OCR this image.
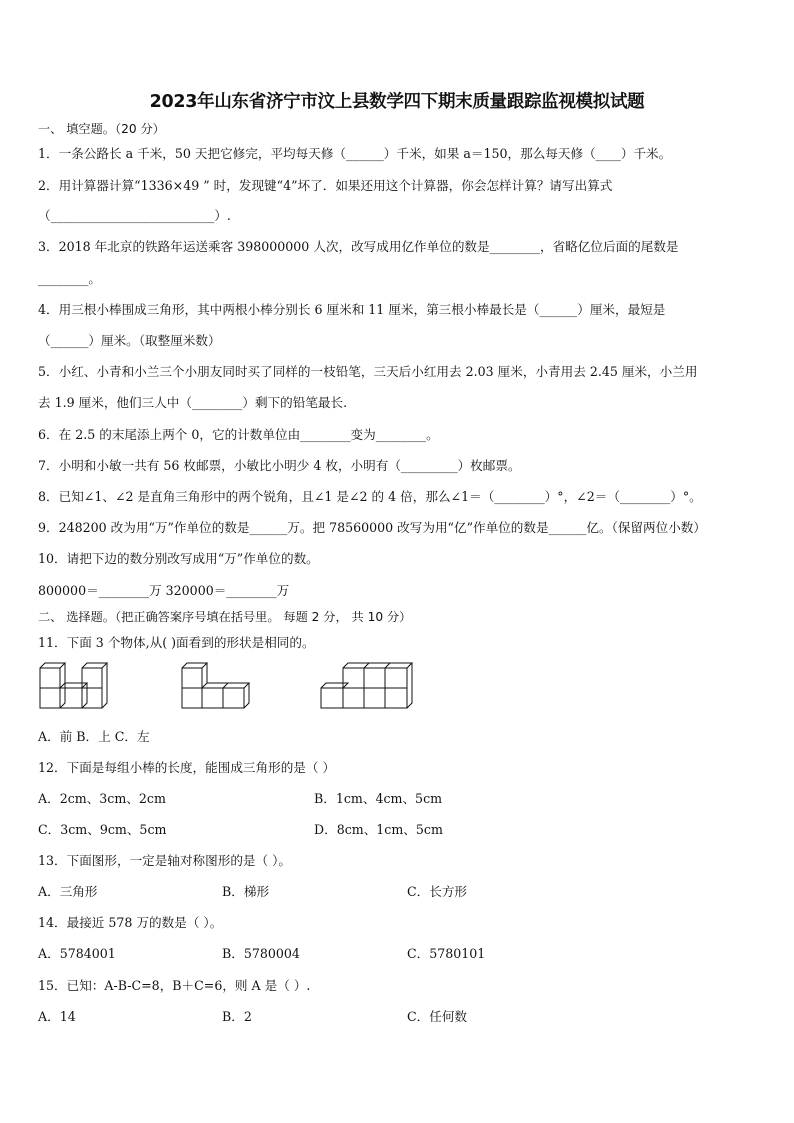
2023年山东省济宁市汶上县数学四下期末质量跟踪监视模拟试题
一、 填空题。（20 分）
1．一条公路长 a 千米，50 天把它修完，平均每天修（______）千米，如果 a＝150，那么每天修（____）千米。
2．用计算器计算“1336×49 ” 时，发现键“4”坏了．如果还用这个计算器，你会怎样计算？请写出算式
（__________________________）.
3．2018 年北京的铁路年运送乘客 398000000 人次，改写成用亿作单位的数是________，省略亿位后面的尾数是
________。
4．用三根小棒围成三角形，其中两根小棒分别长 6 厘米和 11 厘米，第三根小棒最长是（______）厘米，最短是
（______）厘米。（取整厘米数）
5．小红、小青和小兰三个小朋友同时买了同样的一枝铅笔，三天后小红用去 2.03 厘米，小青用去 2.45 厘米，小兰用
去 1.9 厘米，他们三人中（________）剩下的铅笔最长.
6．在 2.5 的末尾添上两个 0，它的计数单位由________变为________。
7．小明和小敏一共有 56 枚邮票，小敏比小明少 4 枚，小明有（_________）枚邮票。
8．已知∠1、∠2 是直角三角形中的两个锐角，且∠1 是∠2 的 4 倍，那么∠1＝（________）°，∠2＝（________）°。
9．248200 改为用“万”作单位的数是______万。把 78560000 改写为用“亿”作单位的数是______亿。（保留两位小数）
10．请把下边的数分别改写成用“万”作单位的数。
800000＝________万 320000＝________万
二、 选择题。（把正确答案序号填在括号里。 每题 2 分， 共 10 分）
11．下面 3 个物体,从( )面看到的形状是相同的。
A．前 B．上 C．左
12．下面是每组小棒的长度，能围成三角形的是（ ）
A．2cm、3cm、2cm	B．1cm、4cm、5cm
C．3cm、9cm、5cm	D．8cm、1cm、5cm
13．下面图形，一定是轴对称图形的是（ ）。
A．三角形	B．梯形	C．长方形
14．最接近 578 万的数是（ ）。
A．5784001	B．5780004	C．5780101
15．已知：A-B-C=8，B＋C=6，则 A 是（ ）.
A．14	B．2	C．任何数
